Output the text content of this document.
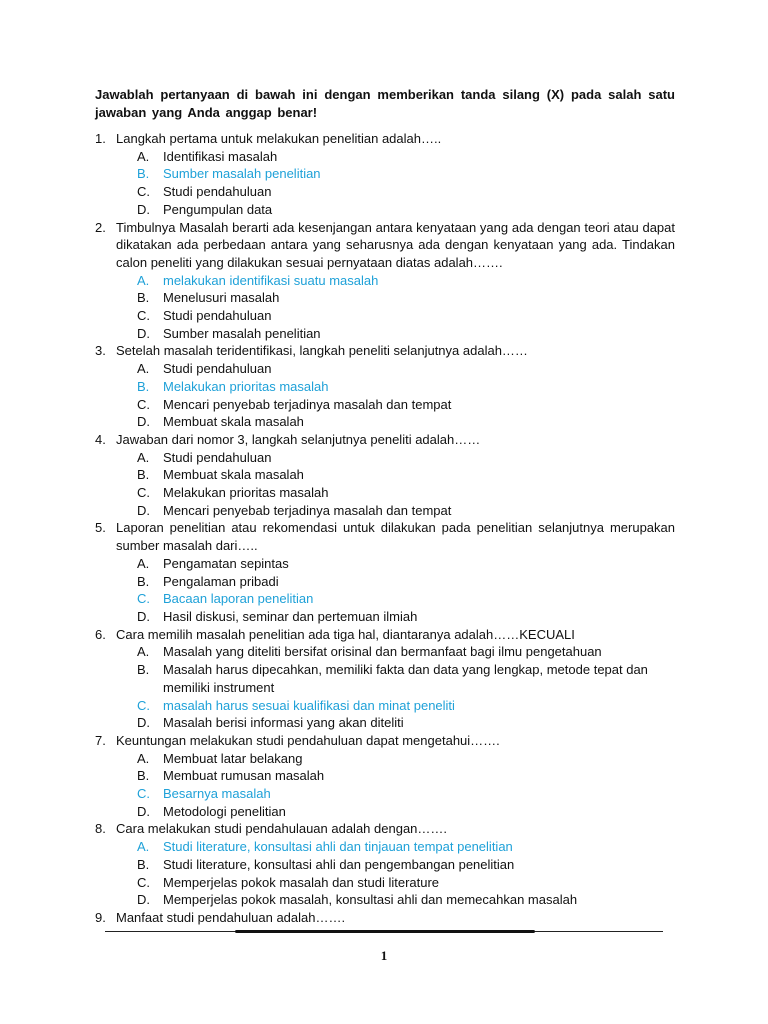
Jawablah pertanyaan di bawah ini dengan memberikan tanda silang (X) pada salah satu jawaban yang Anda anggap benar!

1. Langkah pertama untuk melakukan penelitian adalah…..
A. Identifikasi masalah
B. Sumber masalah penelitian
C. Studi pendahuluan
D. Pengumpulan data
2. Timbulnya Masalah berarti ada kesenjangan antara kenyataan yang ada dengan teori atau dapat dikatakan ada perbedaan antara yang seharusnya ada dengan kenyataan yang ada. Tindakan calon peneliti yang dilakukan sesuai pernyataan diatas adalah…….
A. melakukan identifikasi suatu masalah
B. Menelusuri masalah
C. Studi pendahuluan
D. Sumber masalah penelitian
3. Setelah masalah teridentifikasi, langkah peneliti selanjutnya adalah……
A. Studi pendahuluan
B. Melakukan prioritas masalah
C. Mencari penyebab terjadinya masalah dan tempat
D. Membuat skala masalah
4. Jawaban dari nomor 3, langkah selanjutnya peneliti adalah……
A. Studi pendahuluan
B. Membuat skala masalah
C. Melakukan prioritas masalah
D. Mencari penyebab terjadinya masalah dan tempat
5. Laporan penelitian atau rekomendasi untuk dilakukan pada penelitian selanjutnya merupakan sumber masalah dari…..
A. Pengamatan sepintas
B. Pengalaman pribadi
C. Bacaan laporan penelitian
D. Hasil diskusi, seminar dan pertemuan ilmiah
6. Cara memilih masalah penelitian ada tiga hal, diantaranya adalah……KECUALI
A. Masalah yang diteliti bersifat orisinal dan bermanfaat bagi ilmu pengetahuan
B. Masalah harus dipecahkan, memiliki fakta dan data yang lengkap, metode tepat dan memiliki instrument
C. masalah harus sesuai kualifikasi dan minat peneliti
D. Masalah berisi informasi yang akan diteliti
7. Keuntungan melakukan studi pendahuluan dapat mengetahui…….
A. Membuat latar belakang
B. Membuat rumusan masalah
C. Besarnya masalah
D. Metodologi penelitian
8. Cara melakukan studi pendahulauan adalah dengan…….
A. Studi literature, konsultasi ahli dan tinjauan tempat penelitian
B. Studi literature, konsultasi ahli dan pengembangan penelitian
C. Memperjelas pokok masalah dan studi literature
D. Memperjelas pokok masalah, konsultasi ahli dan memecahkan masalah
9. Manfaat studi pendahuluan adalah…….
1
